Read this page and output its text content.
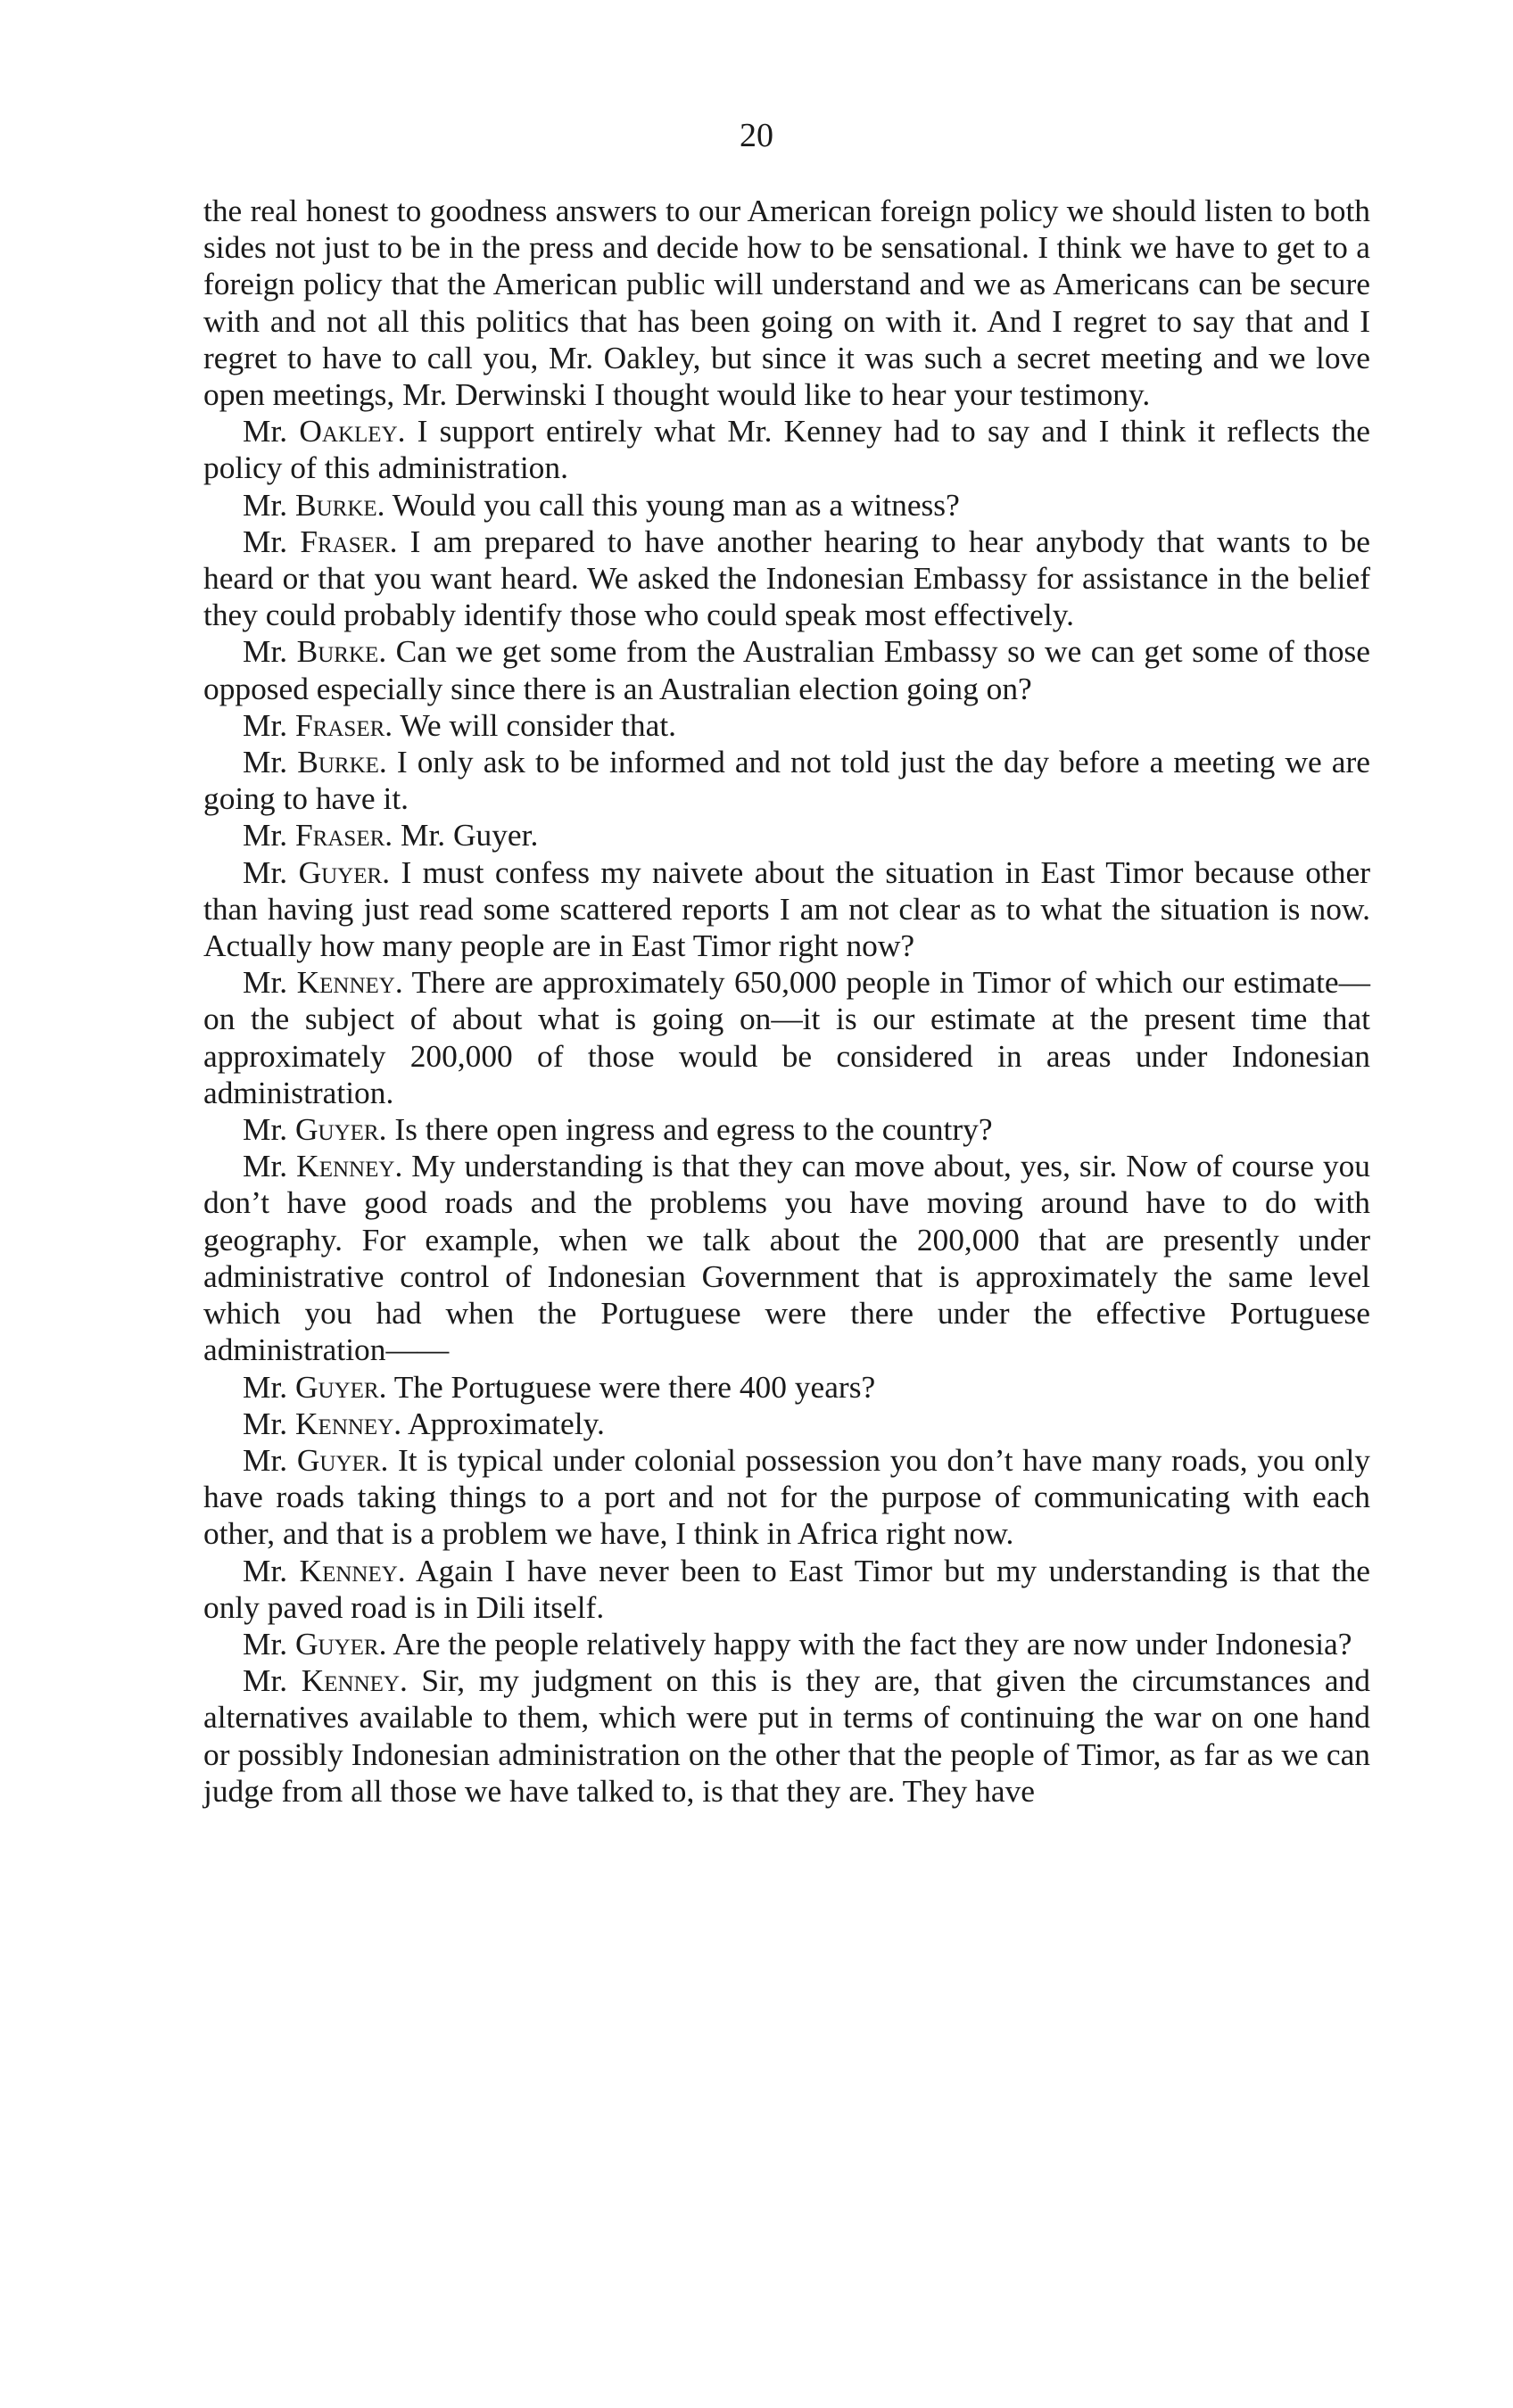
20

the real honest to goodness answers to our American foreign policy we should listen to both sides not just to be in the press and decide how to be sensational. I think we have to get to a foreign policy that the American public will understand and we as Americans can be secure with and not all this politics that has been going on with it. And I regret to say that and I regret to have to call you, Mr. Oakley, but since it was such a secret meeting and we love open meetings, Mr. Derwinski I thought would like to hear your testimony.

Mr. Oakley. I support entirely what Mr. Kenney had to say and I think it reflects the policy of this administration.

Mr. Burke. Would you call this young man as a witness?

Mr. Fraser. I am prepared to have another hearing to hear anybody that wants to be heard or that you want heard. We asked the Indonesian Embassy for assistance in the belief they could probably identify those who could speak most effectively.

Mr. Burke. Can we get some from the Australian Embassy so we can get some of those opposed especially since there is an Australian election going on?

Mr. Fraser. We will consider that.

Mr. Burke. I only ask to be informed and not told just the day before a meeting we are going to have it.

Mr. Fraser. Mr. Guyer.

Mr. Guyer. I must confess my naivete about the situation in East Timor because other than having just read some scattered reports I am not clear as to what the situation is now. Actually how many people are in East Timor right now?

Mr. Kenney. There are approximately 650,000 people in Timor of which our estimate—on the subject of about what is going on—it is our estimate at the present time that approximately 200,000 of those would be considered in areas under Indonesian administration.

Mr. Guyer. Is there open ingress and egress to the country?

Mr. Kenney. My understanding is that they can move about, yes, sir. Now of course you don’t have good roads and the problems you have moving around have to do with geography. For example, when we talk about the 200,000 that are presently under administrative control of Indonesian Government that is approximately the same level which you had when the Portuguese were there under the effective Portuguese administration——

Mr. Guyer. The Portuguese were there 400 years?

Mr. Kenney. Approximately.

Mr. Guyer. It is typical under colonial possession you don’t have many roads, you only have roads taking things to a port and not for the purpose of communicating with each other, and that is a problem we have, I think in Africa right now.

Mr. Kenney. Again I have never been to East Timor but my understanding is that the only paved road is in Dili itself.

Mr. Guyer. Are the people relatively happy with the fact they are now under Indonesia?

Mr. Kenney. Sir, my judgment on this is they are, that given the circumstances and alternatives available to them, which were put in terms of continuing the war on one hand or possibly Indonesian administration on the other that the people of Timor, as far as we can judge from all those we have talked to, is that they are. They have
